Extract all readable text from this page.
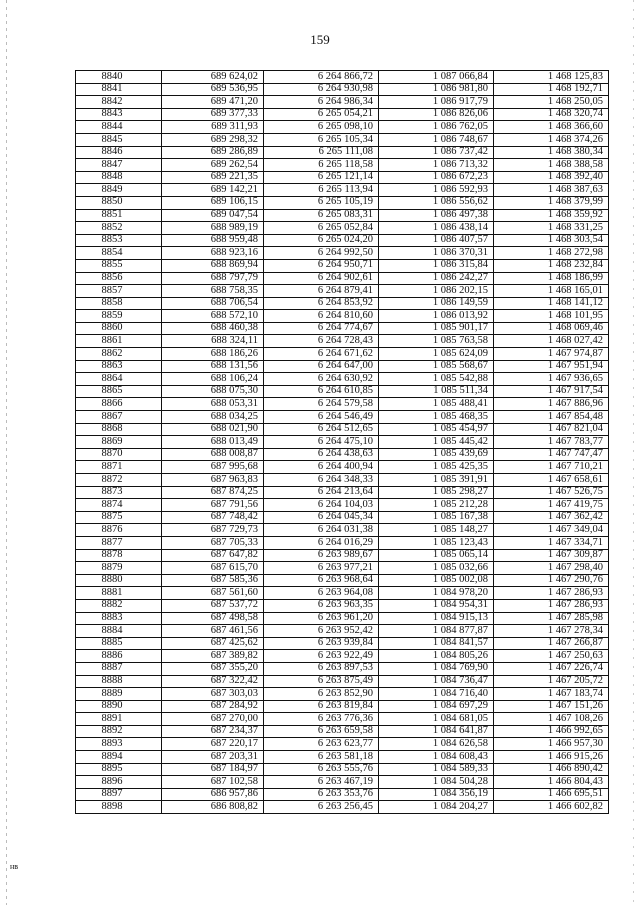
159
8840	689 624,02	6 264 866,72	1 087 066,84	1 468 125,83
8841	689 536,95	6 264 930,98	1 086 981,80	1 468 192,71
8842	689 471,20	6 264 986,34	1 086 917,79	1 468 250,05
8843	689 377,33	6 265 054,21	1 086 826,06	1 468 320,74
8844	689 311,93	6 265 098,10	1 086 762,05	1 468 366,60
8845	689 298,32	6 265 105,34	1 086 748,67	1 468 374,26
8846	689 286,89	6 265 111,08	1 086 737,42	1 468 380,34
8847	689 262,54	6 265 118,58	1 086 713,32	1 468 388,58
8848	689 221,35	6 265 121,14	1 086 672,23	1 468 392,40
8849	689 142,21	6 265 113,94	1 086 592,93	1 468 387,63
8850	689 106,15	6 265 105,19	1 086 556,62	1 468 379,99
8851	689 047,54	6 265 083,31	1 086 497,38	1 468 359,92
8852	688 989,19	6 265 052,84	1 086 438,14	1 468 331,25
8853	688 959,48	6 265 024,20	1 086 407,57	1 468 303,54
8854	688 923,16	6 264 992,50	1 086 370,31	1 468 272,98
8855	688 869,94	6 264 950,71	1 086 315,84	1 468 232,84
8856	688 797,79	6 264 902,61	1 086 242,27	1 468 186,99
8857	688 758,35	6 264 879,41	1 086 202,15	1 468 165,01
8858	688 706,54	6 264 853,92	1 086 149,59	1 468 141,12
8859	688 572,10	6 264 810,60	1 086 013,92	1 468 101,95
8860	688 460,38	6 264 774,67	1 085 901,17	1 468 069,46
8861	688 324,11	6 264 728,43	1 085 763,58	1 468 027,42
8862	688 186,26	6 264 671,62	1 085 624,09	1 467 974,87
8863	688 131,56	6 264 647,00	1 085 568,67	1 467 951,94
8864	688 106,24	6 264 630,92	1 085 542,88	1 467 936,65
8865	688 075,30	6 264 610,85	1 085 511,34	1 467 917,54
8866	688 053,31	6 264 579,58	1 085 488,41	1 467 886,96
8867	688 034,25	6 264 546,49	1 085 468,35	1 467 854,48
8868	688 021,90	6 264 512,65	1 085 454,97	1 467 821,04
8869	688 013,49	6 264 475,10	1 085 445,42	1 467 783,77
8870	688 008,87	6 264 438,63	1 085 439,69	1 467 747,47
8871	687 995,68	6 264 400,94	1 085 425,35	1 467 710,21
8872	687 963,83	6 264 348,33	1 085 391,91	1 467 658,61
8873	687 874,25	6 264 213,64	1 085 298,27	1 467 526,75
8874	687 791,56	6 264 104,03	1 085 212,28	1 467 419,75
8875	687 748,42	6 264 045,34	1 085 167,38	1 467 362,42
8876	687 729,73	6 264 031,38	1 085 148,27	1 467 349,04
8877	687 705,33	6 264 016,29	1 085 123,43	1 467 334,71
8878	687 647,82	6 263 989,67	1 085 065,14	1 467 309,87
8879	687 615,70	6 263 977,21	1 085 032,66	1 467 298,40
8880	687 585,36	6 263 968,64	1 085 002,08	1 467 290,76
8881	687 561,60	6 263 964,08	1 084 978,20	1 467 286,93
8882	687 537,72	6 263 963,35	1 084 954,31	1 467 286,93
8883	687 498,58	6 263 961,20	1 084 915,13	1 467 285,98
8884	687 461,56	6 263 952,42	1 084 877,87	1 467 278,34
8885	687 425,62	6 263 939,84	1 084 841,57	1 467 266,87
8886	687 389,82	6 263 922,49	1 084 805,26	1 467 250,63
8887	687 355,20	6 263 897,53	1 084 769,90	1 467 226,74
8888	687 322,42	6 263 875,49	1 084 736,47	1 467 205,72
8889	687 303,03	6 263 852,90	1 084 716,40	1 467 183,74
8890	687 284,92	6 263 819,84	1 084 697,29	1 467 151,26
8891	687 270,00	6 263 776,36	1 084 681,05	1 467 108,26
8892	687 234,37	6 263 659,58	1 084 641,87	1 466 992,65
8893	687 220,17	6 263 623,77	1 084 626,58	1 466 957,30
8894	687 203,31	6 263 581,18	1 084 608,43	1 466 915,26
8895	687 184,97	6 263 555,76	1 084 589,33	1 466 890,42
8896	687 102,58	6 263 467,19	1 084 504,28	1 466 804,43
8897	686 957,86	6 263 353,76	1 084 356,19	1 466 695,51
8898	686 808,82	6 263 256,45	1 084 204,27	1 466 602,82
нв
